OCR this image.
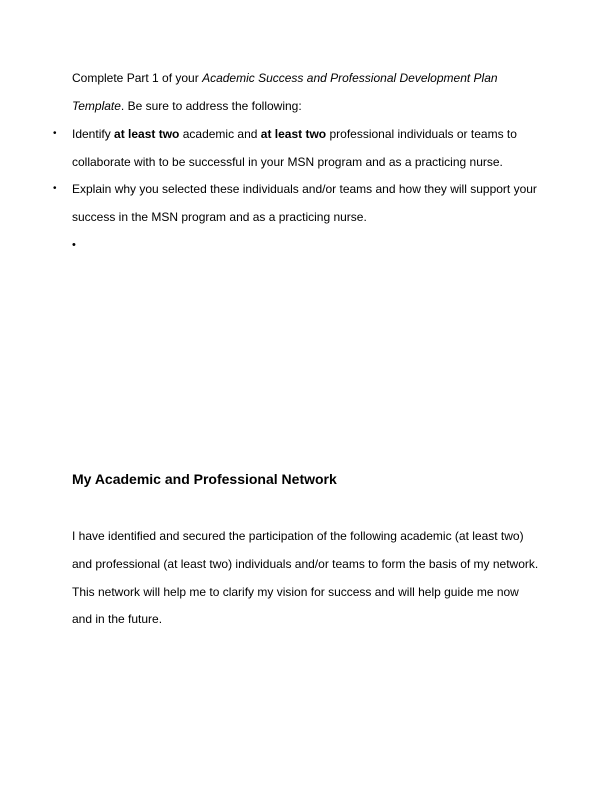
Complete Part 1 of your Academic Success and Professional Development Plan
Template. Be sure to address the following:
• Identify at least two academic and at least two professional individuals or teams to
collaborate with to be successful in your MSN program and as a practicing nurse.
• Explain why you selected these individuals and/or teams and how they will support your
success in the MSN program and as a practicing nurse.
•
My Academic and Professional Network
I have identified and secured the participation of the following academic (at least two)
and professional (at least two) individuals and/or teams to form the basis of my network.
This network will help me to clarify my vision for success and will help guide me now
and in the future.
